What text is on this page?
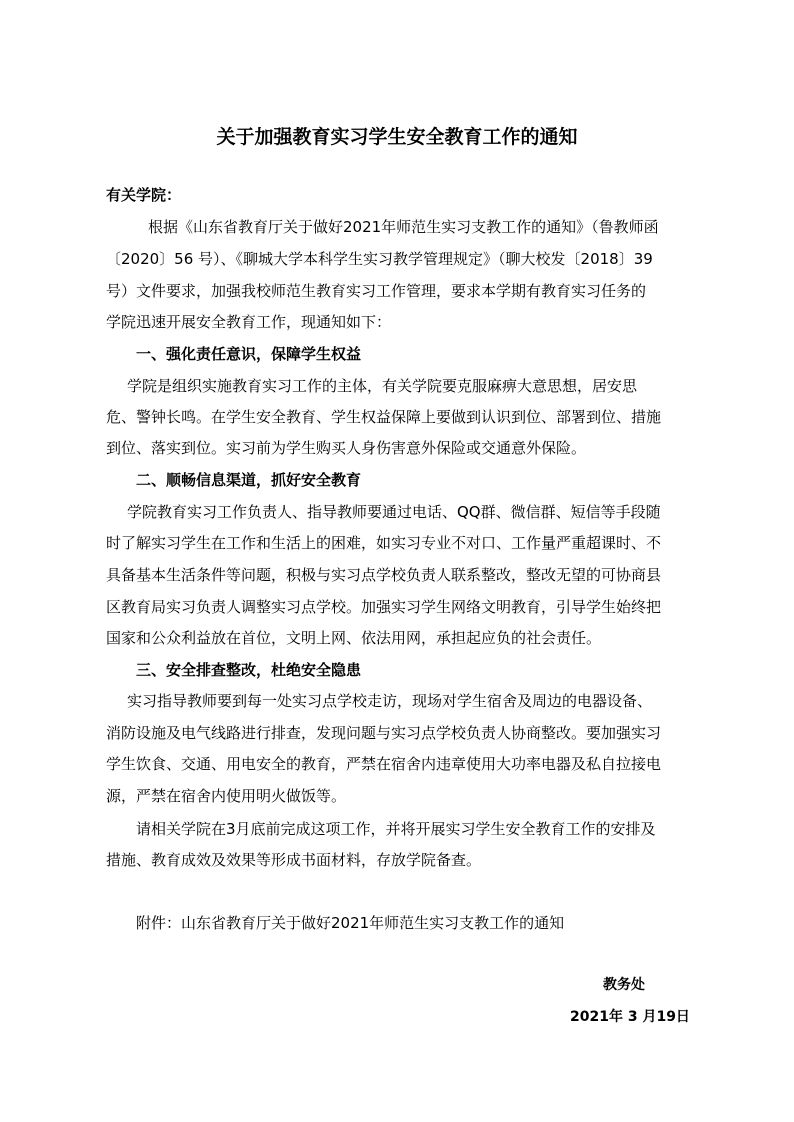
关于加强教育实习学生安全教育工作的通知
有关学院：
根据《山东省教育厅关于做好2021年师范生实习支教工作的通知》（鲁教师函
〔2020〕56 号）、《聊城大学本科学生实习教学管理规定》（聊大校发〔2018〕39
号）文件要求，加强我校师范生教育实习工作管理，要求本学期有教育实习任务的
学院迅速开展安全教育工作，现通知如下：
一、强化责任意识，保障学生权益
学院是组织实施教育实习工作的主体，有关学院要克服麻痹大意思想，居安思
危、警钟长鸣。在学生安全教育、学生权益保障上要做到认识到位、部署到位、措施
到位、落实到位。实习前为学生购买人身伤害意外保险或交通意外保险。
二、顺畅信息渠道，抓好安全教育
学院教育实习工作负责人、指导教师要通过电话、QQ群、微信群、短信等手段随
时了解实习学生在工作和生活上的困难，如实习专业不对口、工作量严重超课时、不
具备基本生活条件等问题，积极与实习点学校负责人联系整改，整改无望的可协商县
区教育局实习负责人调整实习点学校。加强实习学生网络文明教育，引导学生始终把
国家和公众利益放在首位，文明上网、依法用网，承担起应负的社会责任。
三、安全排查整改，杜绝安全隐患
实习指导教师要到每一处实习点学校走访，现场对学生宿舍及周边的电器设备、
消防设施及电气线路进行排查，发现问题与实习点学校负责人协商整改。要加强实习
学生饮食、交通、用电安全的教育，严禁在宿舍内违章使用大功率电器及私自拉接电
源，严禁在宿舍内使用明火做饭等。
请相关学院在3月底前完成这项工作，并将开展实习学生安全教育工作的安排及
措施、教育成效及效果等形成书面材料，存放学院备查。
附件：山东省教育厅关于做好2021年师范生实习支教工作的通知
教务处
2021年 3 月19日
